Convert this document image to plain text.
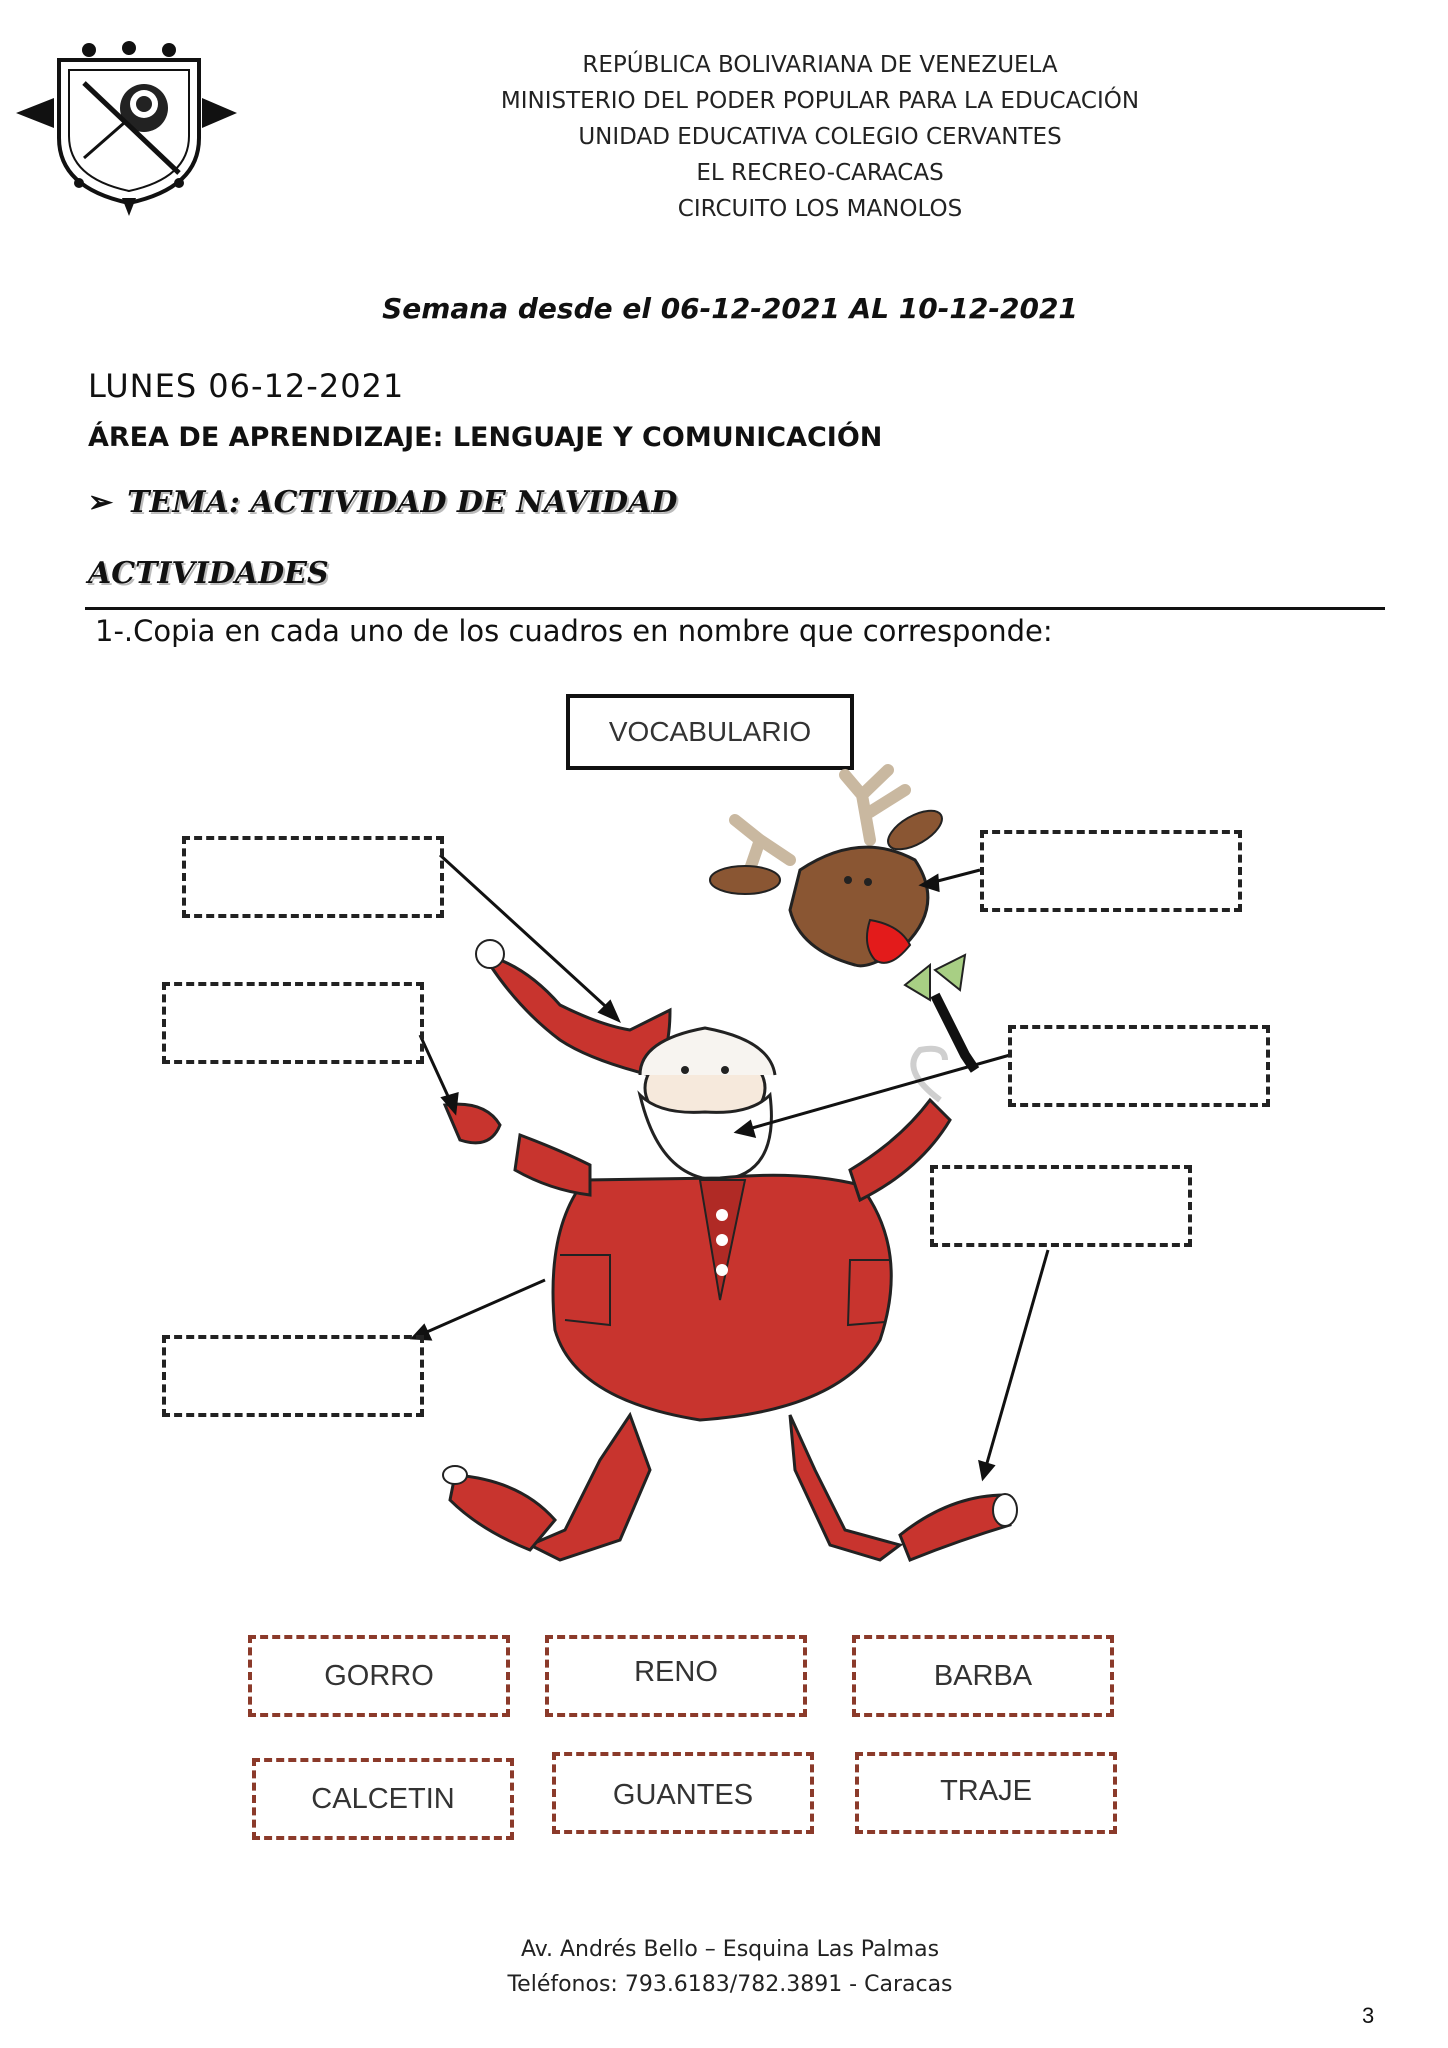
REPÚBLICA BOLIVARIANA DE VENEZUELA
MINISTERIO DEL PODER POPULAR PARA LA EDUCACIÓN
UNIDAD EDUCATIVA COLEGIO CERVANTES
EL RECREO-CARACAS
CIRCUITO LOS MANOLOS
Semana desde el 06-12-2021 AL 10-12-2021
LUNES 06-12-2021
ÁREA DE APRENDIZAJE: LENGUAJE Y COMUNICACIÓN
➢ TEMA: ACTIVIDAD DE NAVIDAD
ACTIVIDADES
1-.Copia en cada uno de los cuadros en nombre que corresponde:
VOCABULARIO
GORRO	RENO	BARBA
CALCETIN	GUANTES	TRAJE
Av. Andrés Bello – Esquina Las Palmas
Teléfonos: 793.6183/782.3891 - Caracas
3
